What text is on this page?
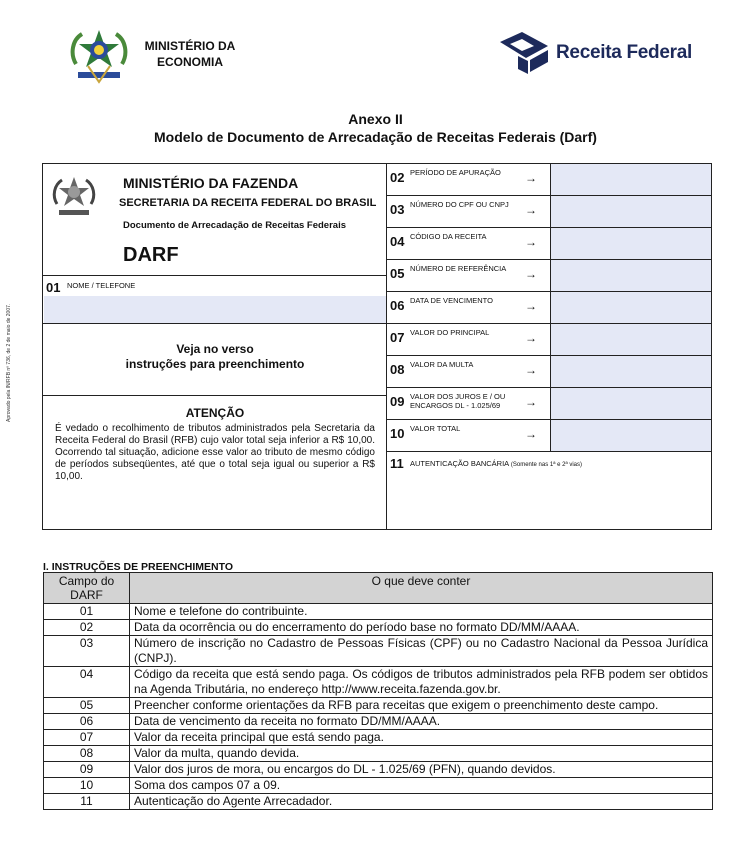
MINISTÉRIO DA
ECONOMIA	Receita Federal
Anexo II
Modelo de Documento de Arrecadação de Receitas Federais (Darf)
MINISTÉRIO DA FAZENDA
SECRETARIA DA RECEITA FEDERAL DO BRASIL
Documento de Arrecadação de Receitas Federais
DARF
01 NOME / TELEFONE
Veja no verso
instruções para preenchimento
ATENÇÃO
É vedado o recolhimento de tributos administrados pela Secretaria da Receita Federal do Brasil (RFB) cujo valor total seja inferior a R$ 10,00. Ocorrendo tal situação, adicione esse valor ao tributo de mesmo código de períodos subseqüentes, até que o total seja igual ou superior a R$ 10,00.
Aprovado pela IN/RFB nº 736, de 2 de maio de 2007.
02 PERÍODO DE APURAÇÃO	→
03 NÚMERO DO CPF OU CNPJ	→
04 CÓDIGO DA RECEITA	→
05 NÚMERO DE REFERÊNCIA	→
06 DATA DE VENCIMENTO	→
07 VALOR DO PRINCIPAL	→
08 VALOR DA MULTA	→
09 VALOR DOS JUROS E / OU ENCARGOS DL - 1.025/69	→
10 VALOR TOTAL	→
11 AUTENTICAÇÃO BANCÁRIA (Somente nas 1ª e 2ª vias)
I. INSTRUÇÕES DE PREENCHIMENTO
Campo do DARF	O que deve conter
01	Nome e telefone do contribuinte.
02	Data da ocorrência ou do encerramento do período base no formato DD/MM/AAAA.
03	Número de inscrição no Cadastro de Pessoas Físicas (CPF) ou no Cadastro Nacional da Pessoa Jurídica (CNPJ).
04	Código da receita que está sendo paga. Os códigos de tributos administrados pela RFB podem ser obtidos na Agenda Tributária, no endereço http://www.receita.fazenda.gov.br.
05	Preencher conforme orientações da RFB para receitas que exigem o preenchimento deste campo.
06	Data de vencimento da receita no formato DD/MM/AAAA.
07	Valor da receita principal que está sendo paga.
08	Valor da multa, quando devida.
09	Valor dos juros de mora, ou encargos do DL - 1.025/69 (PFN), quando devidos.
10	Soma dos campos 07 a 09.
11	Autenticação do Agente Arrecadador.
